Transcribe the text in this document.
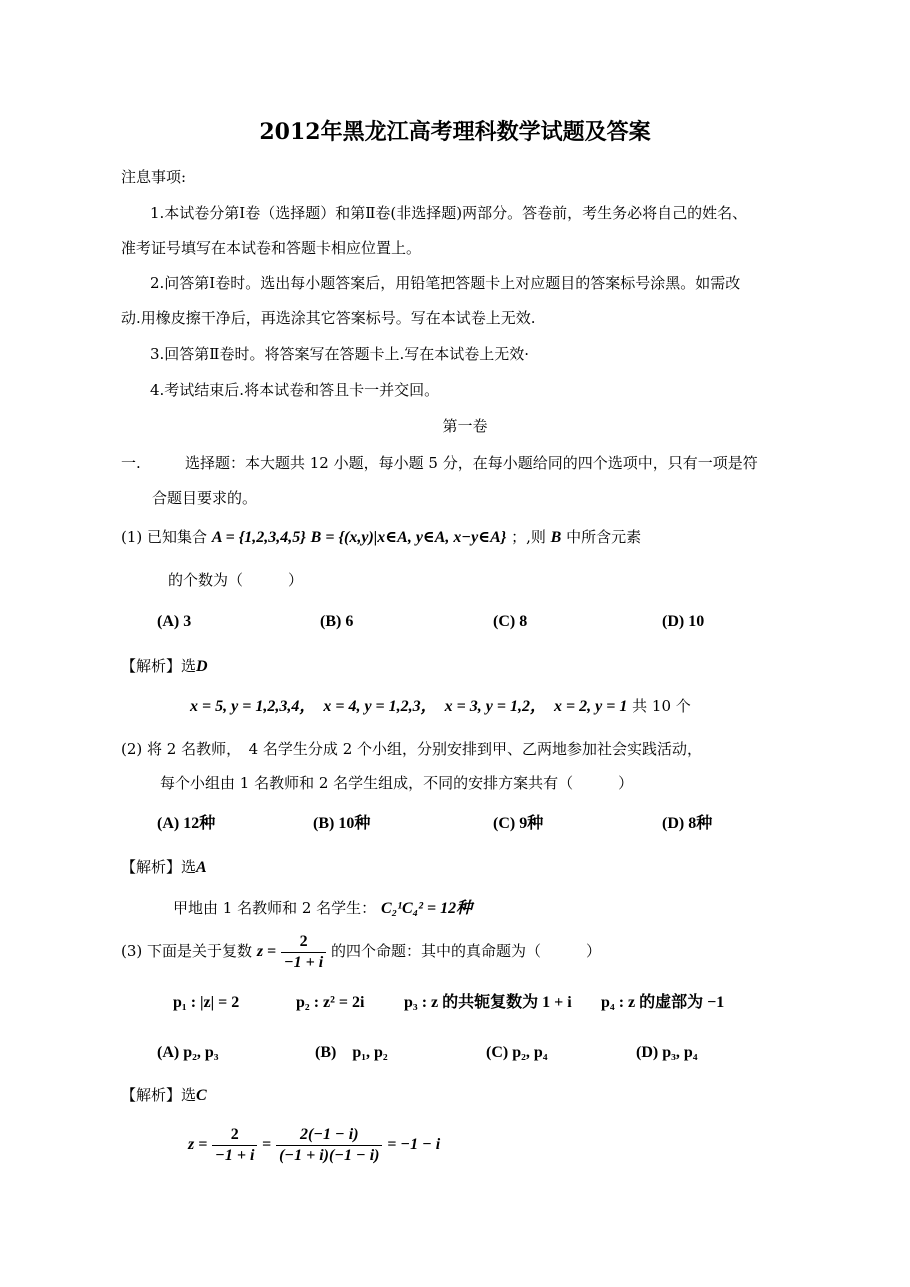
2012年黑龙江高考理科数学试题及答案
注息事项:
1.本试卷分第Ⅰ卷（选择题）和第Ⅱ卷(非选择题)两部分。答卷前，考生务必将自己的姓名、
准考证号填写在本试卷和答题卡相应位置上。
2.问答第Ⅰ卷时。选出每小题答案后，用铅笔把答题卡上对应题目的答案标号涂黑。如需改
动.用橡皮擦干净后，再选涂其它答案标号。写在本试卷上无效.
3.回答第Ⅱ卷时。将答案写在答题卡上.写在本试卷上无效·
4.考试结束后.将本试卷和答且卡一并交回。
第一卷
一.	选择题：本大题共 12 小题，每小题 5 分，在每小题给同的四个选项中，只有一项是符
合题目要求的。
(1) 已知集合 A = {1,2,3,4,5} B = {(x,y)|x∈A, y∈A, x−y∈A} ；,则 B 中所含元素
的个数为（　　　）
(A) 3	(B) 6	(C) 8	(D) 10
【解析】选D
x = 5, y = 1,2,3,4，　x = 4, y = 1,2,3，　x = 3, y = 1,2，　x = 2, y = 1 共 10 个
(2) 将 2 名教师，　4 名学生分成 2 个小组，分别安排到甲、乙两地参加社会实践活动，
每个小组由 1 名教师和 2 名学生组成，不同的安排方案共有（　　　）
(A) 12种	(B) 10种	(C) 9种	(D) 8种
【解析】选A
甲地由 1 名教师和 2 名学生： C₂¹C₄² = 12种
(3) 下面是关于复数 $z = \frac{2}{-1 + i}$ 的四个命题：其中的真命题为（　　　）
p₁ : |z| = 2	p₂ : z² = 2i p₃ : z 的共轭复数为 1 + i p₄ : z 的虚部为 −1
(A) p₂, p₃	(B)　p₁, p₂	(C) p₂, p₄	(D) p₃, p₄
【解析】选C
$z = \frac{2}{-1 + i} = \frac{2(-1 - i)}{(-1 + i)(-1 - i)} = -1 - i$
